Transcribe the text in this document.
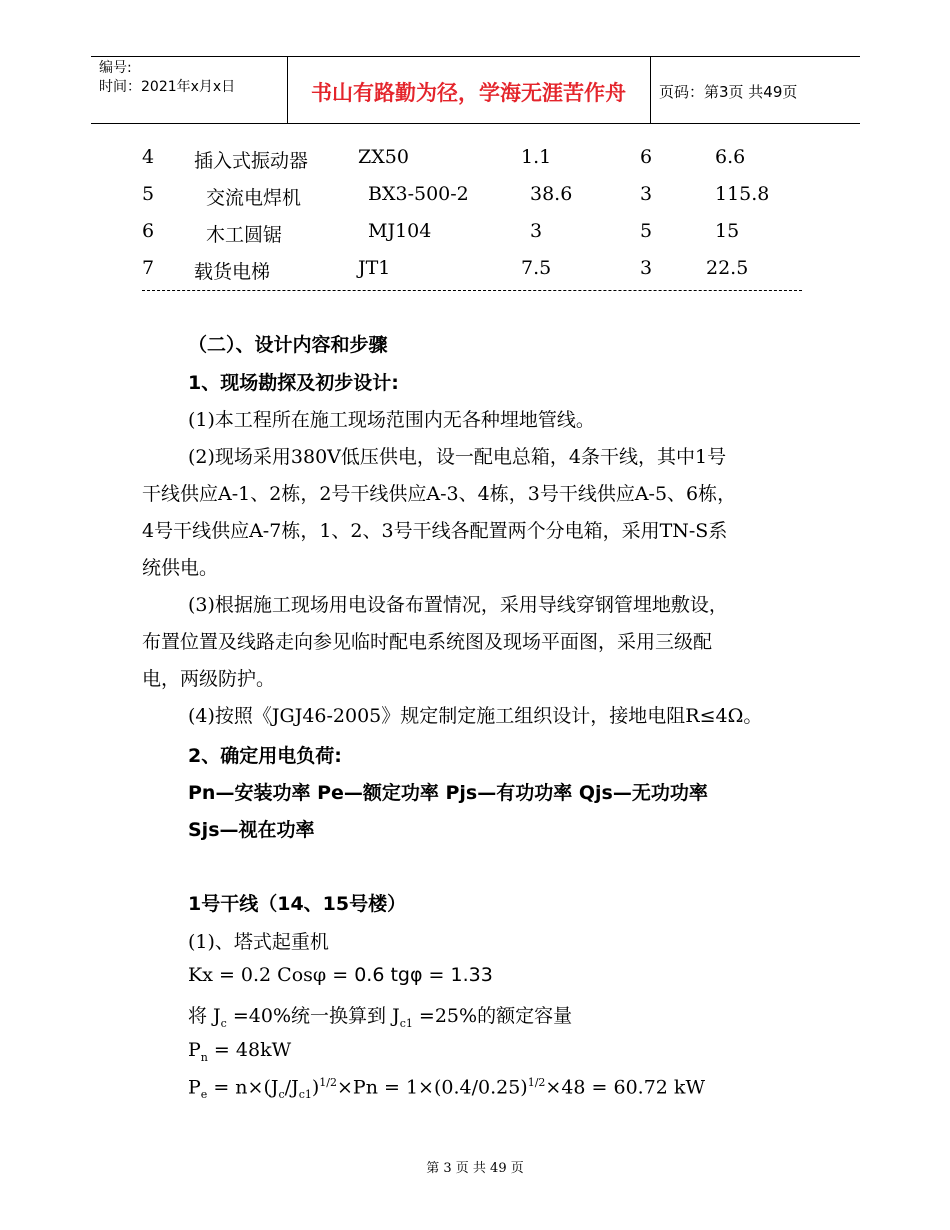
编号:
时间：2021年x月x日	书山有路勤为径，学海无涯苦作舟	页码：第3页 共49页
4 插入式振动器	ZX50	1.1	6	6.6
5	交流电焊机	BX3-500-2	38.6	3	115.8
6	木工圆锯	MJ104	3	5	15
7 载货电梯	JT1	7.5	3	22.5
（二）、设计内容和步骤
1、现场勘探及初步设计:
(1)本工程所在施工现场范围内无各种埋地管线。
(2)现场采用380V低压供电，设一配电总箱，4条干线，其中1号
干线供应A-1、2栋，2号干线供应A-3、4栋，3号干线供应A-5、6栋，
4号干线供应A-7栋，1、2、3号干线各配置两个分电箱，采用TN-S系
统供电。
(3)根据施工现场用电设备布置情况，采用导线穿钢管埋地敷设，
布置位置及线路走向参见临时配电系统图及现场平面图，采用三级配
电，两级防护。
(4)按照《JGJ46-2005》规定制定施工组织设计，接地电阻R≤4Ω。
2、确定用电负荷:
Pn—安装功率 Pe—额定功率 Pjs—有功功率 Qjs—无功功率
Sjs—视在功率
1号干线（14、15号楼）
(1)、塔式起重机
Kx = 0.2 Cosφ = 0.6 tgφ = 1.33
将 $J_c =40\%$统一换算到 $J_{c1} =25\%$的额定容量
$P_n = 48kW$
$P_e = n\times(J_c/J_{c1})^{1/2}\times Pn = 1\times(0.4/0.25)^{1/2}\times 48 = 60.72$ kW
第 3 页 共 49 页
